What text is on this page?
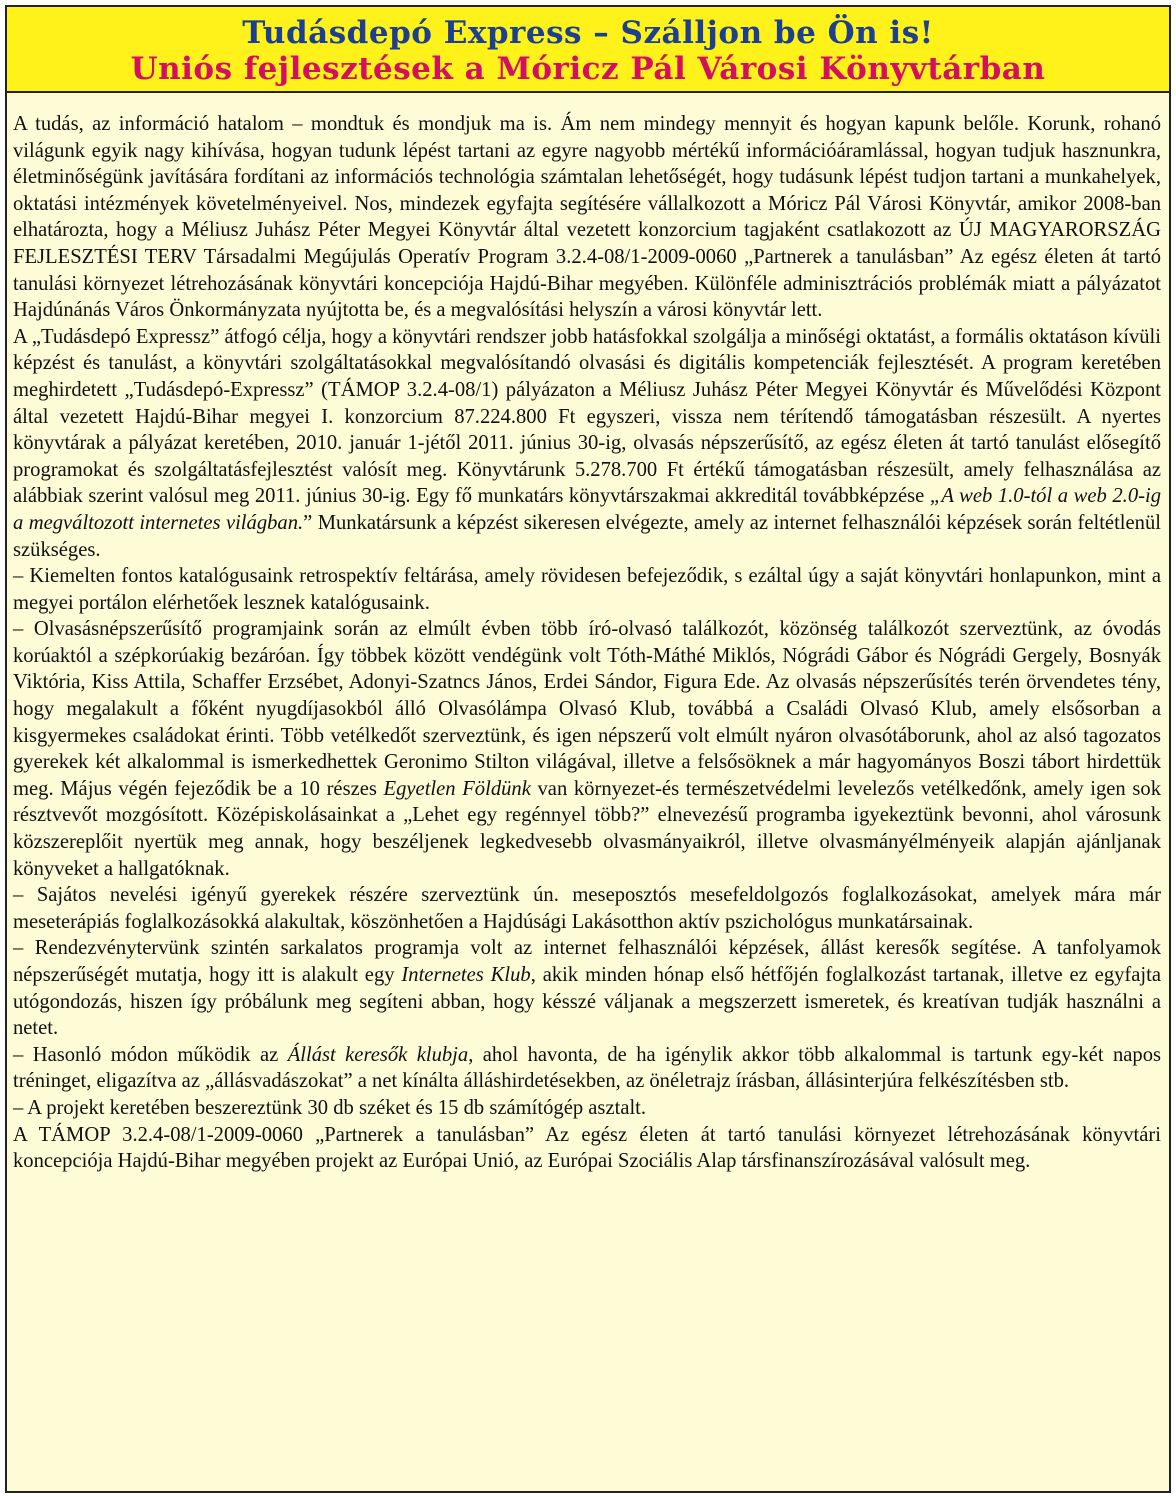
Tudásdepó Express – Szálljon be Ön is!
Uniós fejlesztések a Móricz Pál Városi Könyvtárban

A tudás, az információ hatalom – mondtuk és mondjuk ma is. Ám nem mindegy mennyit és hogyan kapunk belőle. Korunk, rohanó világunk egyik nagy kihívása, hogyan tudunk lépést tartani az egyre nagyobb mértékű információáramlással, hogyan tudjuk hasznunkra, életminőségünk javítására fordítani az információs technológia számtalan lehetőségét, hogy tudásunk lépést tudjon tartani a munkahelyek, oktatási intézmények követelményeivel. Nos, mindezek egyfajta segítésére vállalkozott a Móricz Pál Városi Könyvtár, amikor 2008-ban elhatározta, hogy a Méliusz Juhász Péter Megyei Könyvtár által vezetett konzorcium tagjaként csatlakozott az ÚJ MAGYARORSZÁG FEJLESZTÉSI TERV Társadalmi Megújulás Operatív Program 3.2.4-08/1-2009-0060 „Partnerek a tanulásban” Az egész életen át tartó tanulási környezet létrehozásának könyvtári koncepciója Hajdú-Bihar megyében. Különféle adminisztrációs problémák miatt a pályázatot Hajdúnánás Város Önkormányzata nyújtotta be, és a megvalósítási helyszín a városi könyvtár lett.

A „Tudásdepó Expressz” átfogó célja, hogy a könyvtári rendszer jobb hatásfokkal szolgálja a minőségi oktatást, a formális oktatáson kívüli képzést és tanulást, a könyvtári szolgáltatásokkal megvalósítandó olvasási és digitális kompetenciák fejlesztését. A program keretében meghirdetett „Tudásdepó-Expressz” (TÁMOP 3.2.4-08/1) pályázaton a Méliusz Juhász Péter Megyei Könyvtár és Művelődési Központ által vezetett Hajdú-Bihar megyei I. konzorcium 87.224.800 Ft egyszeri, vissza nem térítendő támogatásban részesült. A nyertes könyvtárak a pályázat keretében, 2010. január 1-jétől 2011. június 30-ig, olvasás népszerűsítő, az egész életen át tartó tanulást elősegítő programokat és szolgáltatásfejlesztést valósít meg. Könyvtárunk 5.278.700 Ft értékű támogatásban részesült, amely felhasználása az alábbiak szerint valósul meg 2011. június 30-ig. Egy fő munkatárs könyvtárszakmai akkreditál továbbképzése „A web 1.0-tól a web 2.0-ig a megváltozott internetes világban.” Munkatársunk a képzést sikeresen elvégezte, amely az internet felhasználói képzések során feltétlenül szükséges.

– Kiemelten fontos katalógusaink retrospektív feltárása, amely rövidesen befejeződik, s ezáltal úgy a saját könyvtári honlapunkon, mint a megyei portálon elérhetőek lesznek katalógusaink.

– Olvasásnépszerűsítő programjaink során az elmúlt évben több író-olvasó találkozót, közönség találkozót szerveztünk, az óvodás korúaktól a szépkorúakig bezáróan. Így többek között vendégünk volt Tóth-Máthé Miklós, Nógrádi Gábor és Nógrádi Gergely, Bosnyák Viktória, Kiss Attila, Schaffer Erzsébet, Adonyi-Szatncs János, Erdei Sándor, Figura Ede. Az olvasás népszerűsítés terén örvendetes tény, hogy megalakult a főként nyugdíjasokból álló Olvasólámpa Olvasó Klub, továbbá a Családi Olvasó Klub, amely elsősorban a kisgyermekes családokat érinti. Több vetélkedőt szerveztünk, és igen népszerű volt elmúlt nyáron olvasótáborunk, ahol az alsó tagozatos gyerekek két alkalommal is ismerkedhettek Geronimo Stilton világával, illetve a felsősöknek a már hagyományos Boszi tábort hirdettük meg. Május végén fejeződik be a 10 részes Egyetlen Földünk van környezet-és természetvédelmi levelezős vetélkedőnk, amely igen sok résztvevőt mozgósított. Középiskolásainkat a „Lehet egy regénnyel több?” elnevezésű programba igyekeztünk bevonni, ahol városunk közszereplőit nyertük meg annak, hogy beszéljenek legkedvesebb olvasmányaikról, illetve olvasmányélményeik alapján ajánljanak könyveket a hallgatóknak.

– Sajátos nevelési igényű gyerekek részére szerveztünk ún. meseposztós mesefeldolgozós foglalkozásokat, amelyek mára már meseterápiás foglalkozásokká alakultak, köszönhetően a Hajdúsági Lakásotthon aktív pszichológus munkatársainak.

– Rendezvénytervünk szintén sarkalatos programja volt az internet felhasználói képzések, állást keresők segítése. A tanfolyamok népszerűségét mutatja, hogy itt is alakult egy Internetes Klub, akik minden hónap első hétfőjén foglalkozást tartanak, illetve ez egyfajta utógondozás, hiszen így próbálunk meg segíteni abban, hogy késszé váljanak a megszerzett ismeretek, és kreatívan tudják használni a netet.

– Hasonló módon működik az Állást keresők klubja, ahol havonta, de ha igénylik akkor több alkalommal is tartunk egy-két napos tréninget, eligazítva az „állásvadászokat” a net kínálta álláshirdetésekben, az önéletrajz írásban, állásinterjúra felkészítésben stb.

– A projekt keretében beszereztünk 30 db széket és 15 db számítógép asztalt.

A TÁMOP 3.2.4-08/1-2009-0060 „Partnerek a tanulásban” Az egész életen át tartó tanulási környezet létrehozásának könyvtári koncepciója Hajdú-Bihar megyében projekt az Európai Unió, az Európai Szociális Alap társfinanszírozásával valósult meg.
